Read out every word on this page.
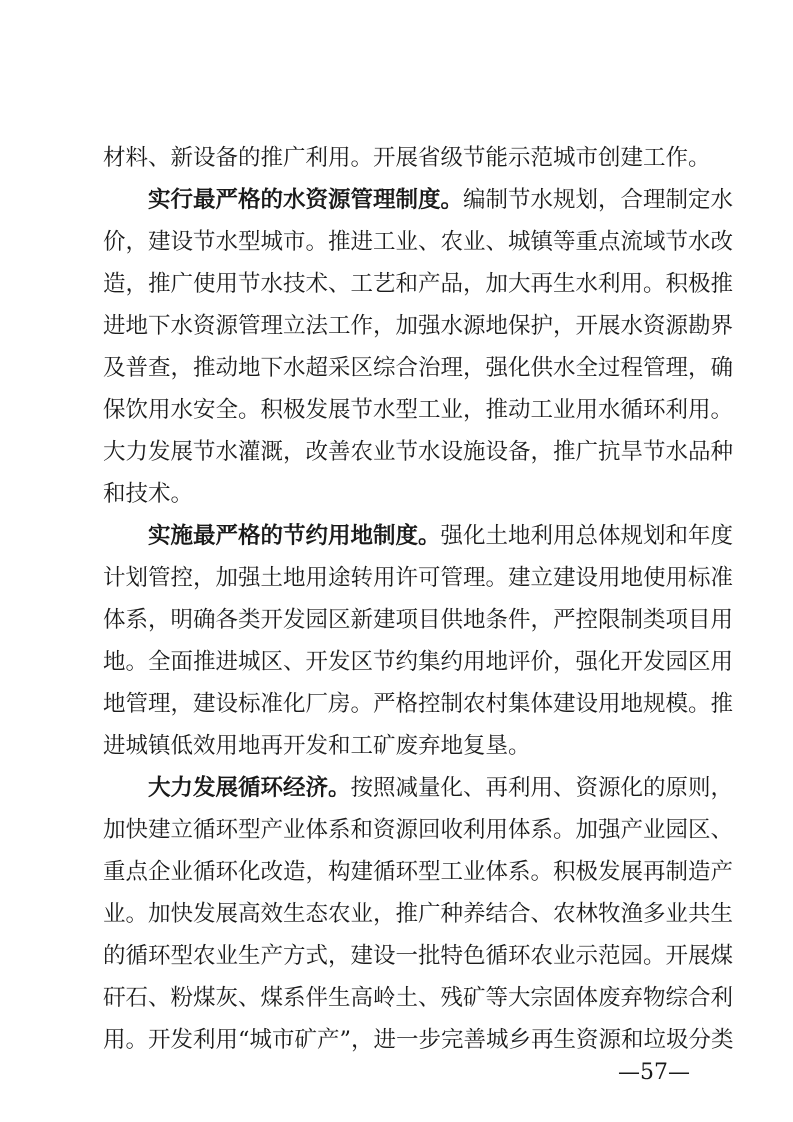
材料、新设备的推广利用。开展省级节能示范城市创建工作。
实行最严格的水资源管理制度。编制节水规划，合理制定水
价，建设节水型城市。推进工业、农业、城镇等重点流域节水改
造，推广使用节水技术、工艺和产品，加大再生水利用。积极推
进地下水资源管理立法工作，加强水源地保护，开展水资源勘界
及普查，推动地下水超采区综合治理，强化供水全过程管理，确
保饮用水安全。积极发展节水型工业，推动工业用水循环利用。
大力发展节水灌溉，改善农业节水设施设备，推广抗旱节水品种
和技术。
实施最严格的节约用地制度。强化土地利用总体规划和年度
计划管控，加强土地用途转用许可管理。建立建设用地使用标准
体系，明确各类开发园区新建项目供地条件，严控限制类项目用
地。全面推进城区、开发区节约集约用地评价，强化开发园区用
地管理，建设标准化厂房。严格控制农村集体建设用地规模。推
进城镇低效用地再开发和工矿废弃地复垦。
大力发展循环经济。按照减量化、再利用、资源化的原则，
加快建立循环型产业体系和资源回收利用体系。加强产业园区、
重点企业循环化改造，构建循环型工业体系。积极发展再制造产
业。加快发展高效生态农业，推广种养结合、农林牧渔多业共生
的循环型农业生产方式，建设一批特色循环农业示范园。开展煤
矸石、粉煤灰、煤系伴生高岭土、残矿等大宗固体废弃物综合利
用。开发利用“城市矿产”，进一步完善城乡再生资源和垃圾分类
—57—
